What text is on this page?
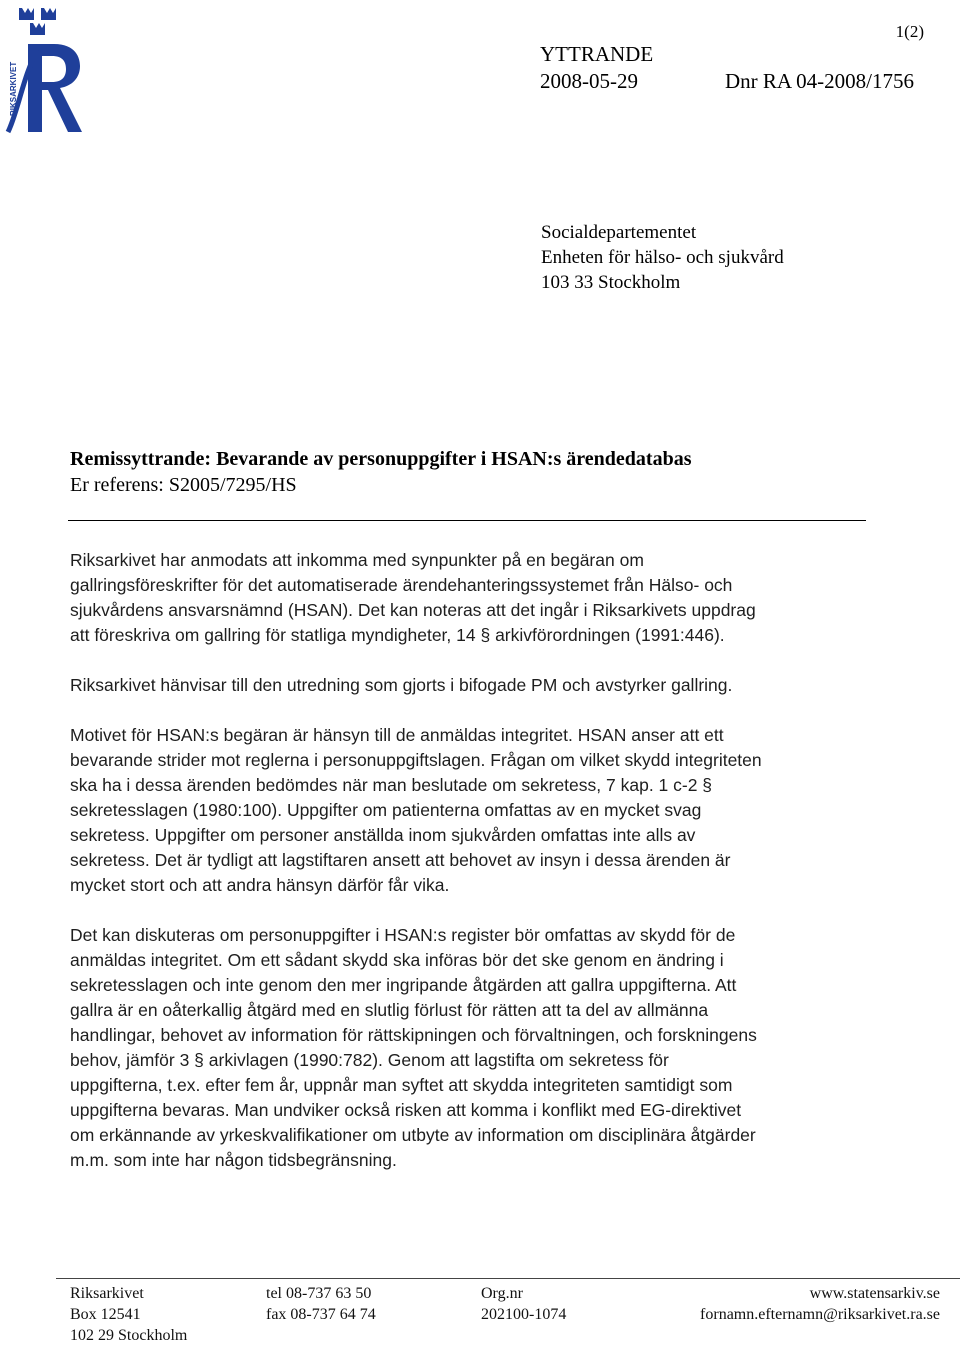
RIKSARKIVET
1(2)
YTTRANDE
2008-05-29	Dnr RA 04-2008/1756
Socialdepartementet
Enheten för hälso- och sjukvård
103 33 Stockholm
Remissyttrande: Bevarande av personuppgifter i HSAN:s ärendedatabas
Er referens: S2005/7295/HS
Riksarkivet har anmodats att inkomma med synpunkter på en begäran om
gallringsföreskrifter för det automatiserade ärendehanteringssystemet från Hälso- och
sjukvårdens ansvarsnämnd (HSAN). Det kan noteras att det ingår i Riksarkivets uppdrag
att föreskriva om gallring för statliga myndigheter, 14 § arkivförordningen (1991:446).
Riksarkivet hänvisar till den utredning som gjorts i bifogade PM och avstyrker gallring.
Motivet för HSAN:s begäran är hänsyn till de anmäldas integritet. HSAN anser att ett
bevarande strider mot reglerna i personuppgiftslagen. Frågan om vilket skydd integriteten
ska ha i dessa ärenden bedömdes när man beslutade om sekretess, 7 kap. 1 c-2 §
sekretesslagen (1980:100). Uppgifter om patienterna omfattas av en mycket svag
sekretess. Uppgifter om personer anställda inom sjukvården omfattas inte alls av
sekretess. Det är tydligt att lagstiftaren ansett att behovet av insyn i dessa ärenden är
mycket stort och att andra hänsyn därför får vika.
Det kan diskuteras om personuppgifter i HSAN:s register bör omfattas av skydd för de
anmäldas integritet. Om ett sådant skydd ska införas bör det ske genom en ändring i
sekretesslagen och inte genom den mer ingripande åtgärden att gallra uppgifterna. Att
gallra är en oåterkallig åtgärd med en slutlig förlust för rätten att ta del av allmänna
handlingar, behovet av information för rättskipningen och förvaltningen, och forskningens
behov, jämför 3 § arkivlagen (1990:782). Genom att lagstifta om sekretess för
uppgifterna, t.ex. efter fem år, uppnår man syftet att skydda integriteten samtidigt som
uppgifterna bevaras. Man undviker också risken att komma i konflikt med EG-direktivet
om erkännande av yrkeskvalifikationer om utbyte av information om disciplinära åtgärder
m.m. som inte har någon tidsbegränsning.
Riksarkivet
Box 12541
102 29 Stockholm
tel 08-737 63 50
fax 08-737 64 74
Org.nr
202100-1074
www.statensarkiv.se
fornamn.efternamn@riksarkivet.ra.se
